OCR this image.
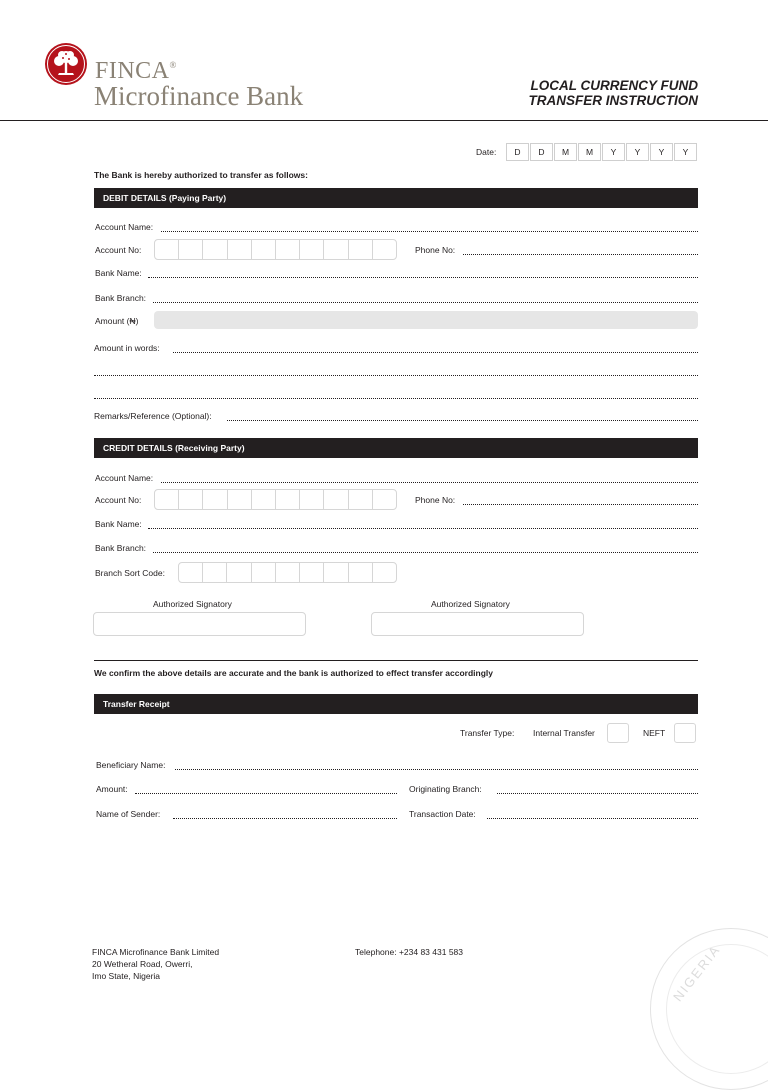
FINCA®
Microfinance Bank	LOCAL CURRENCY FUND
TRANSFER INSTRUCTION
Date:	D	D	M	M	Y	Y	Y	Y
The Bank is hereby authorized to transfer as follows:
DEBIT DETAILS (Paying Party)
Account Name:
Account No:	Phone No:
Bank Name:
Bank Branch:
Amount (₦)
Amount in words:
Remarks/Reference (Optional):
CREDIT DETAILS (Receiving Party)
Account Name:
Account No:	Phone No:
Bank Name:
Bank Branch:
Branch Sort Code:
Authorized Signatory	Authorized Signatory
We confirm the above details are accurate and the bank is authorized to effect transfer accordingly
Transfer Receipt
Transfer Type: Internal Transfer	NEFT
Beneficiary Name:
Amount:	Originating Branch:
Name of Sender:	Transaction Date:
FINCA Microfinance Bank Limited
20 Wetheral Road, Owerri,
Imo State, Nigeria
Telephone: +234 83 431 583	NIGERIA
